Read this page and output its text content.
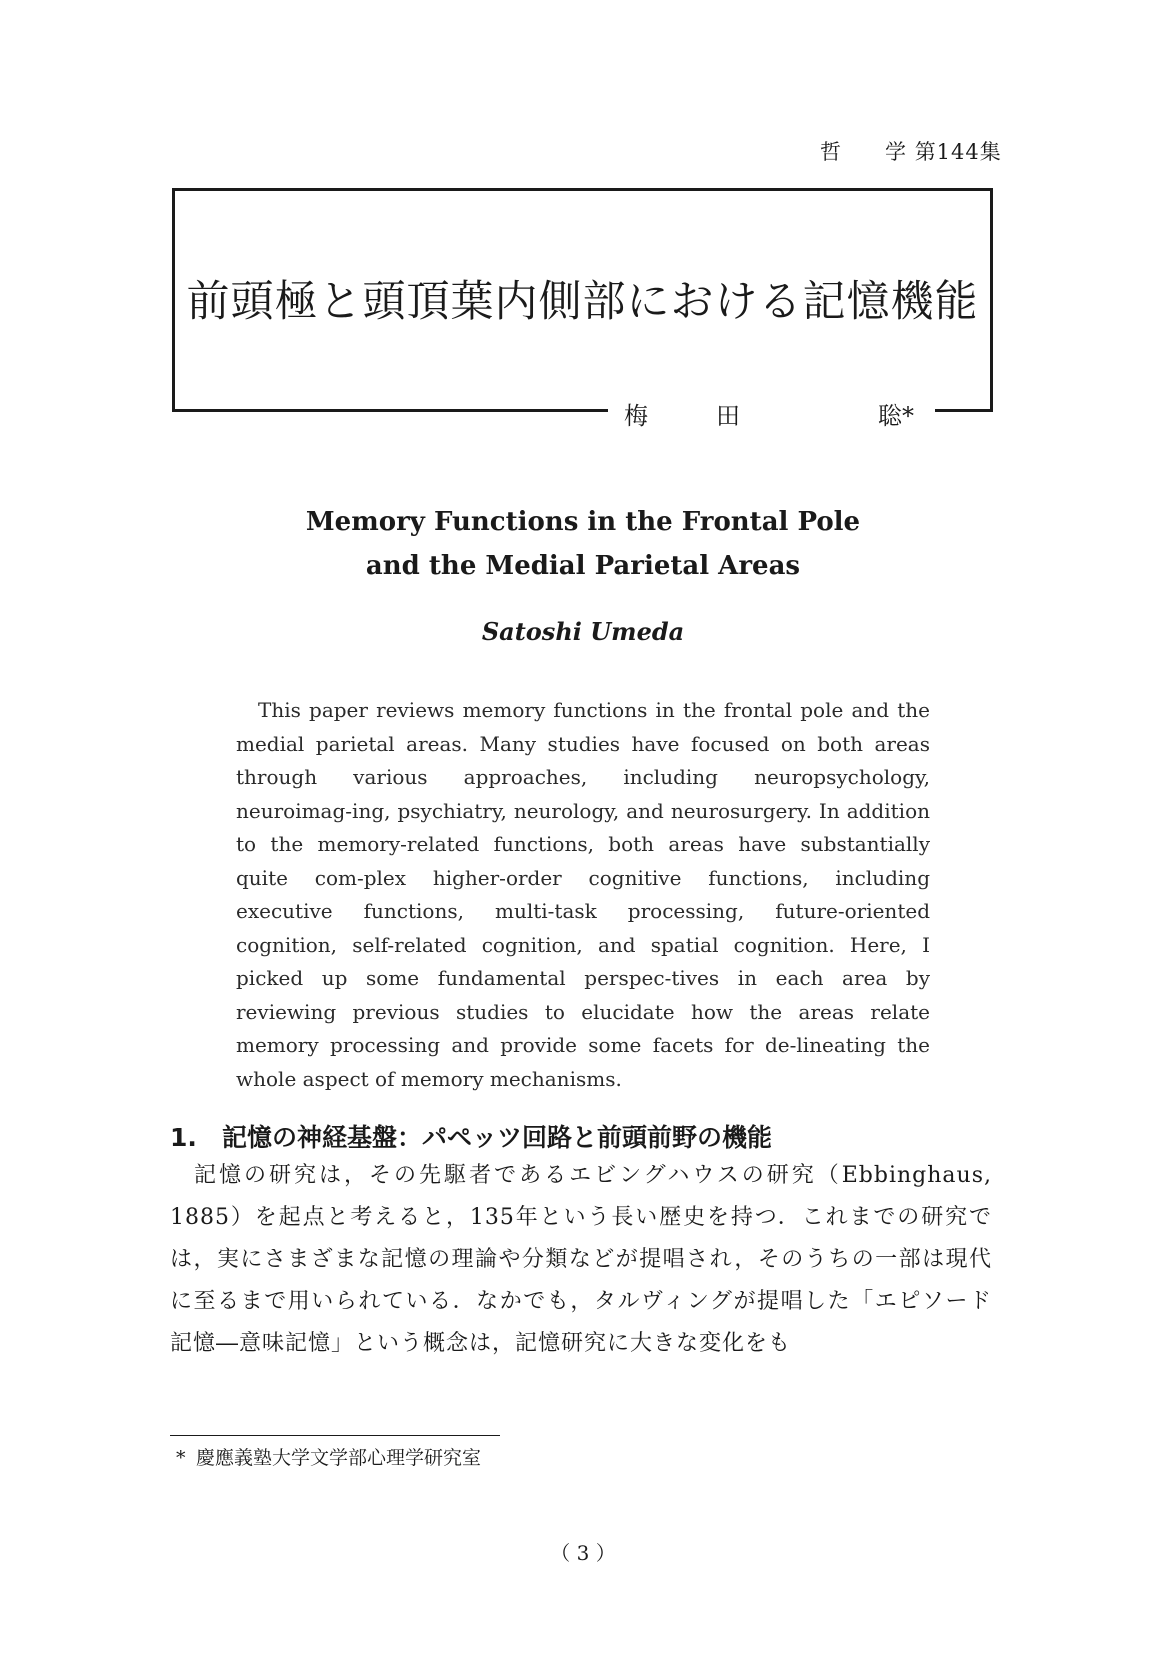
哲学 第144集
前頭極と頭頂葉内側部における記憶機能
梅	田	聡*
Memory Functions in the Frontal Pole
and the Medial Parietal Areas
Satoshi Umeda

This paper reviews memory functions in the frontal pole and the medial parietal areas. Many studies have focused on both areas through various approaches, including neuropsychology, neuroimag-ing, psychiatry, neurology, and neurosurgery. In addition to the memory-related functions, both areas have substantially quite com-plex higher-order cognitive functions, including executive functions, multi-task processing, future-oriented cognition, self-related cognition, and spatial cognition. Here, I picked up some fundamental perspec-tives in each area by reviewing previous studies to elucidate how the areas relate memory processing and provide some facets for de-lineating the whole aspect of memory mechanisms.

1. 記憶の神経基盤：パペッツ回路と前頭前野の機能

記憶の研究は，その先駆者であるエビングハウスの研究（Ebbinghaus, 1885）を起点と考えると，135年という長い歴史を持つ．これまでの研究では，実にさまざまな記憶の理論や分類などが提唱され，そのうちの一部は現代に至るまで用いられている．なかでも，タルヴィングが提唱した「エピソード記憶―意味記憶」という概念は，記憶研究に大きな変化をも

* 慶應義塾大学文学部心理学研究室
（ 3 ）
